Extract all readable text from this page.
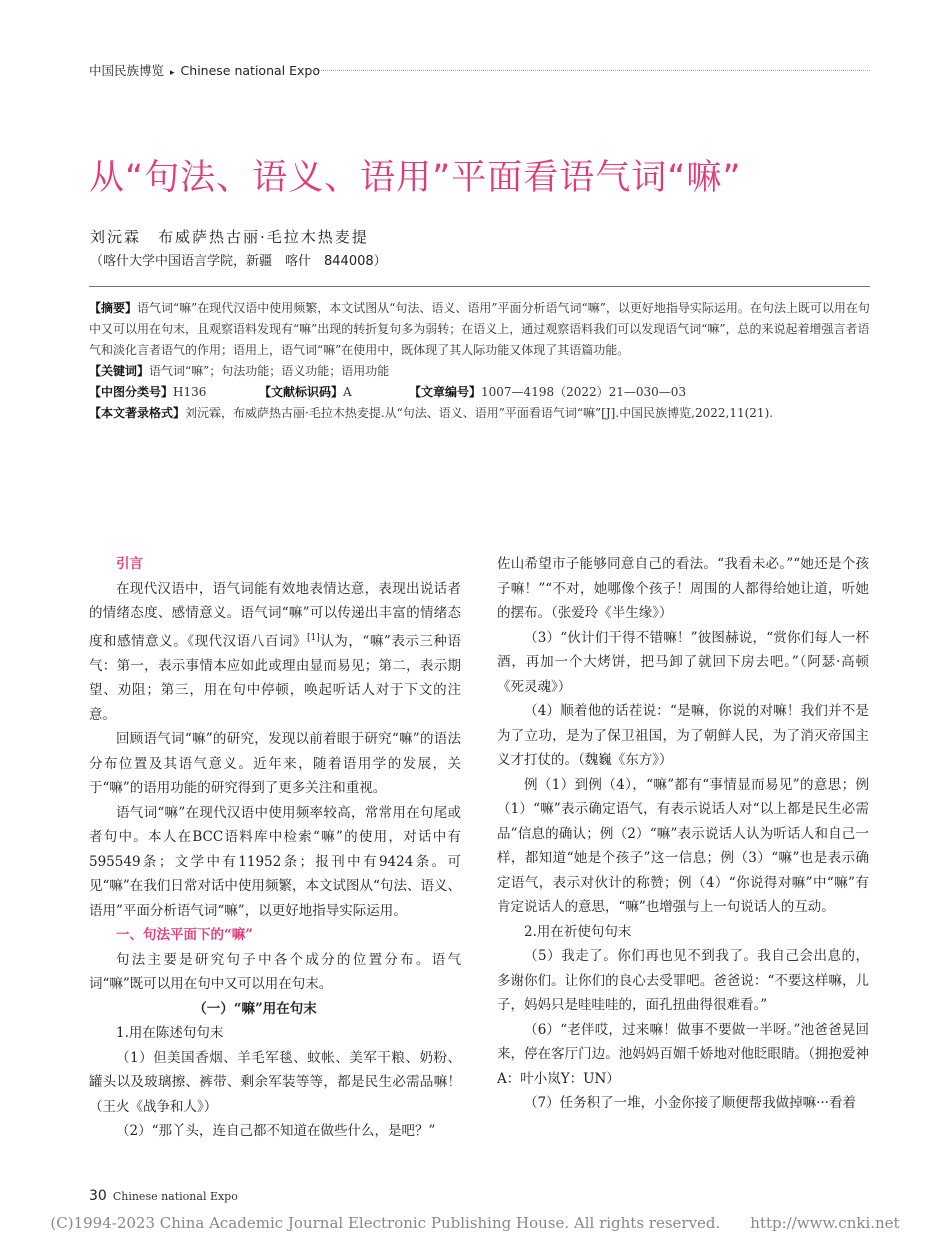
中国民族博览 ▸ Chinese national Expo
从“句法、语义、语用”平面看语气词“嘛”
刘沅霖　布威萨热古丽·毛拉木热麦提
（喀什大学中国语言学院，新疆　喀什　844008）

【摘要】语气词“嘛”在现代汉语中使用频繁，本文试图从“句法、语义、语用”平面分析语气词“嘛”，以更好地指导实际运用。在句法上既可以用在句中又可以用在句末，且观察语料发现有“嘛”出现的转折复句多为弱转；在语义上，通过观察语料我们可以发现语气词“嘛”，总的来说起着增强言者语气和淡化言者语气的作用；语用上，语气词“嘛”在使用中，既体现了其人际功能又体现了其语篇功能。

【关键词】语气词“嘛”；句法功能；语义功能；语用功能

【中图分类号】H136	【文献标识码】A	【文章编号】1007—4198（2022）21—030—03

【本文著录格式】刘沅霖，布威萨热古丽·毛拉木热麦提.从“句法、语义、语用”平面看语气词“嘛”[J].中国民族博览,2022,11(21).

引言

在现代汉语中，语气词能有效地表情达意，表现出说话者的情绪态度、感情意义。语气词“嘛”可以传递出丰富的情绪态度和感情意义。《现代汉语八百词》[1]认为，“嘛”表示三种语气：第一，表示事情本应如此或理由显而易见；第二，表示期望、劝阻；第三，用在句中停顿，唤起听话人对于下文的注意。

回顾语气词“嘛”的研究，发现以前着眼于研究“嘛”的语法分布位置及其语气意义。近年来，随着语用学的发展，关于“嘛”的语用功能的研究得到了更多关注和重视。

语气词“嘛”在现代汉语中使用频率较高，常常用在句尾或者句中。本人在BCC语料库中检索“嘛”的使用，对话中有595549条；文学中有11952条；报刊中有9424条。可见“嘛”在我们日常对话中使用频繁，本文试图从“句法、语义、语用”平面分析语气词“嘛”，以更好地指导实际运用。

一、句法平面下的“嘛”

句法主要是研究句子中各个成分的位置分布。语气词“嘛”既可以用在句中又可以用在句末。

（一）“嘛”用在句末

1.用在陈述句句末

（1）但美国香烟、羊毛军毯、蚊帐、美军干粮、奶粉、罐头以及玻璃擦、裤带、剩余军装等等，都是民生必需品嘛！（王火《战争和人》）

（2）“那丫头，连自己都不知道在做些什么，是吧？”

佐山希望市子能够同意自己的看法。“我看未必。”“她还是个孩子嘛！”“不对，她哪像个孩子！周围的人都得给她让道，听她的摆布。（张爱玲《半生缘》）

（3）“伙计们干得不错嘛！”彼图赫说，“赏你们每人一杯酒，再加一个大烤饼，把马卸了就回下房去吧。”（阿瑟·高顿《死灵魂》）

（4）顺着他的话茬说：“是嘛，你说的对嘛！我们并不是为了立功，是为了保卫祖国，为了朝鲜人民，为了消灭帝国主义才打仗的。（魏巍《东方》）

例（1）到例（4），“嘛”都有“事情显而易见”的意思；例（1）“嘛”表示确定语气，有表示说话人对“以上都是民生必需品”信息的确认；例（2）“嘛”表示说话人认为听话人和自己一样，都知道“她是个孩子”这一信息；例（3）“嘛”也是表示确定语气，表示对伙计的称赞；例（4）“你说得对嘛”中“嘛”有肯定说话人的意思，“嘛”也增强与上一句说话人的互动。

2.用在祈使句句末

（5）我走了。你们再也见不到我了。我自己会出息的，多谢你们。让你们的良心去受罪吧。爸爸说：“不要这样嘛，儿子，妈妈只是哇哇哇的，面孔扭曲得很难看。”

（6）“老伴哎，过来嘛！做事不要做一半呀。”池爸爸晃回来，停在客厅门边。池妈妈百媚千娇地对他眨眼睛。（拥抱爱神A：叶小岚Y：UN）

（7）任务积了一堆，小金你接了顺便帮我做掉嘛···看着

30 Chinese national Expo
(C)1994-2023 China Academic Journal Electronic Publishing House. All rights reserved.　　http://www.cnki.net
